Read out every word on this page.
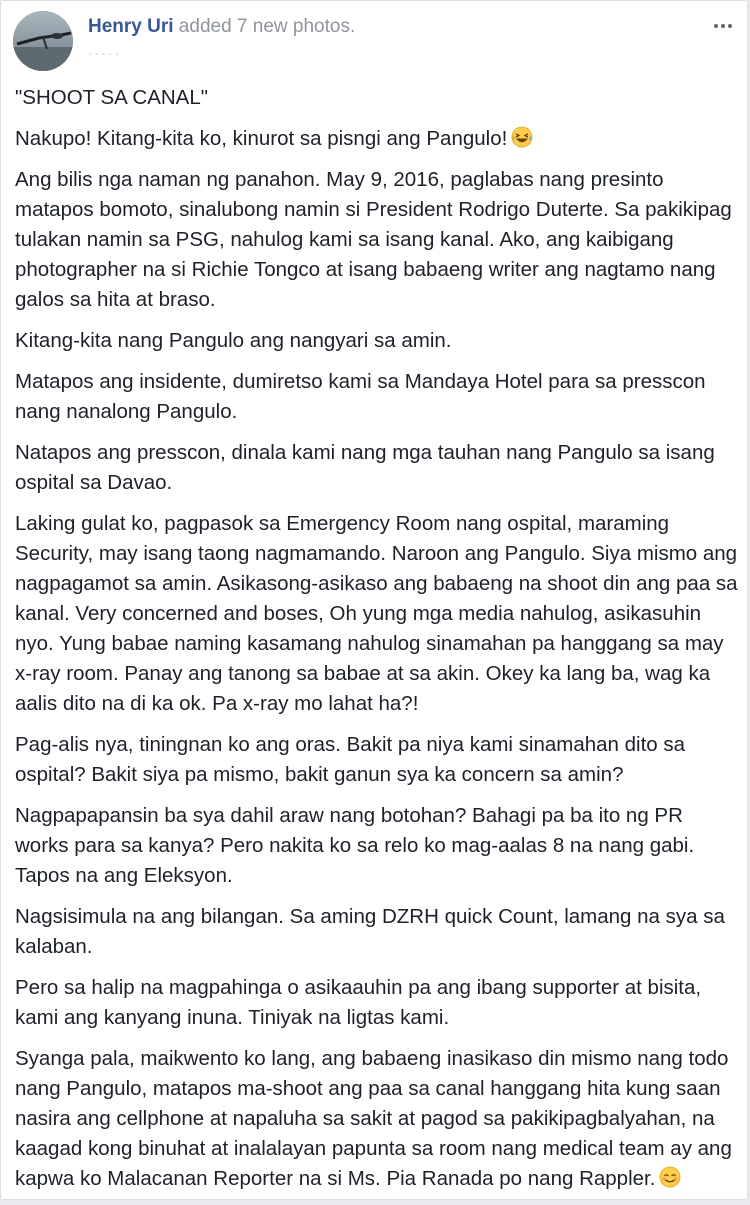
Henry Uri added 7 new photos.
·····

"SHOOT SA CANAL"

Nakupo! Kitang-kita ko, kinurot sa pisngi ang Pangulo!

Ang bilis nga naman ng panahon. May 9, 2016, paglabas nang presinto matapos bomoto, sinalubong namin si President Rodrigo Duterte. Sa pakikipag tulakan namin sa PSG, nahulog kami sa isang kanal. Ako, ang kaibigang photographer na si Richie Tongco at isang babaeng writer ang nagtamo nang galos sa hita at braso.

Kitang-kita nang Pangulo ang nangyari sa amin.

Matapos ang insidente, dumiretso kami sa Mandaya Hotel para sa presscon nang nanalong Pangulo.

Natapos ang presscon, dinala kami nang mga tauhan nang Pangulo sa isang ospital sa Davao.

Laking gulat ko, pagpasok sa Emergency Room nang ospital, maraming Security, may isang taong nagmamando. Naroon ang Pangulo. Siya mismo ang nagpagamot sa amin. Asikasong-asikaso ang babaeng na shoot din ang paa sa kanal. Very concerned and boses, Oh yung mga media nahulog, asikasuhin nyo. Yung babae naming kasamang nahulog sinamahan pa hanggang sa may x-ray room. Panay ang tanong sa babae at sa akin. Okey ka lang ba, wag ka aalis dito na di ka ok. Pa x-ray mo lahat ha?!

Pag-alis nya, tiningnan ko ang oras. Bakit pa niya kami sinamahan dito sa ospital? Bakit siya pa mismo, bakit ganun sya ka concern sa amin?

Nagpapapansin ba sya dahil araw nang botohan? Bahagi pa ba ito ng PR works para sa kanya? Pero nakita ko sa relo ko mag-aalas 8 na nang gabi. Tapos na ang Eleksyon.

Nagsisimula na ang bilangan. Sa aming DZRH quick Count, lamang na sya sa kalaban.

Pero sa halip na magpahinga o asikaauhin pa ang ibang supporter at bisita, kami ang kanyang inuna. Tiniyak na ligtas kami.

Syanga pala, maikwento ko lang, ang babaeng inasikaso din mismo nang todo nang Pangulo, matapos ma-shoot ang paa sa canal hanggang hita kung saan nasira ang cellphone at napaluha sa sakit at pagod sa pakikipagbalyahan, na kaagad kong binuhat at inalalayan papunta sa room nang medical team ay ang kapwa ko Malacanan Reporter na si Ms. Pia Ranada po nang Rappler.
